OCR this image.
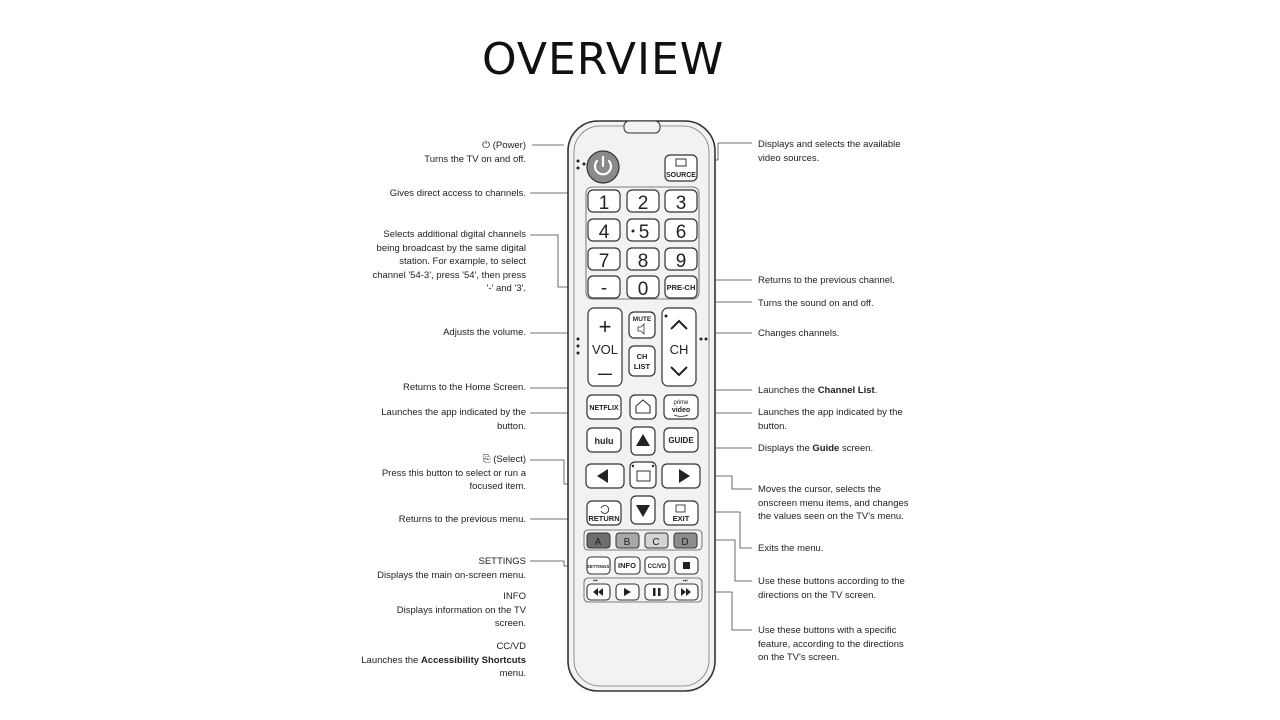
OVERVIEW
⏻ (Power)
Turns the TV on and off.
Gives direct access to channels.
Selects additional digital channels
being broadcast by the same digital
station. For example, to select
channel '54-3', press '54', then press
'-' and '3'.
Adjusts the volume.
Returns to the Home Screen.
Launches the app indicated by the
button.
⎘ (Select)
Press this button to select or run a
focused item.
Returns to the previous menu.
SETTINGS
Displays the main on-screen menu.
INFO
Displays information on the TV
screen.
CC/VD
Launches the Accessibility Shortcuts
menu.
Displays and selects the available
video sources.
Returns to the previous channel.
Turns the sound on and off.
Changes channels.
Launches the Channel List.
Launches the app indicated by the
button.
Displays the Guide screen.
Moves the cursor, selects the
onscreen menu items, and changes
the values seen on the TV's menu.
Exits the menu.
Use these buttons according to the
directions on the TV screen.
Use these buttons with a specific
feature, according to the directions
on the TV's screen.
SOURCE
1 2 3
4 5 6
7 8 9
- 0 PRE-CH
+
VOL
—
MUTE
CH
LIST
CH
NETFLIX
prime
video
hulu	GUIDE
RETURN	EXIT
A B C D
SETTINGS INFO CC/VD
⏮	⏭
